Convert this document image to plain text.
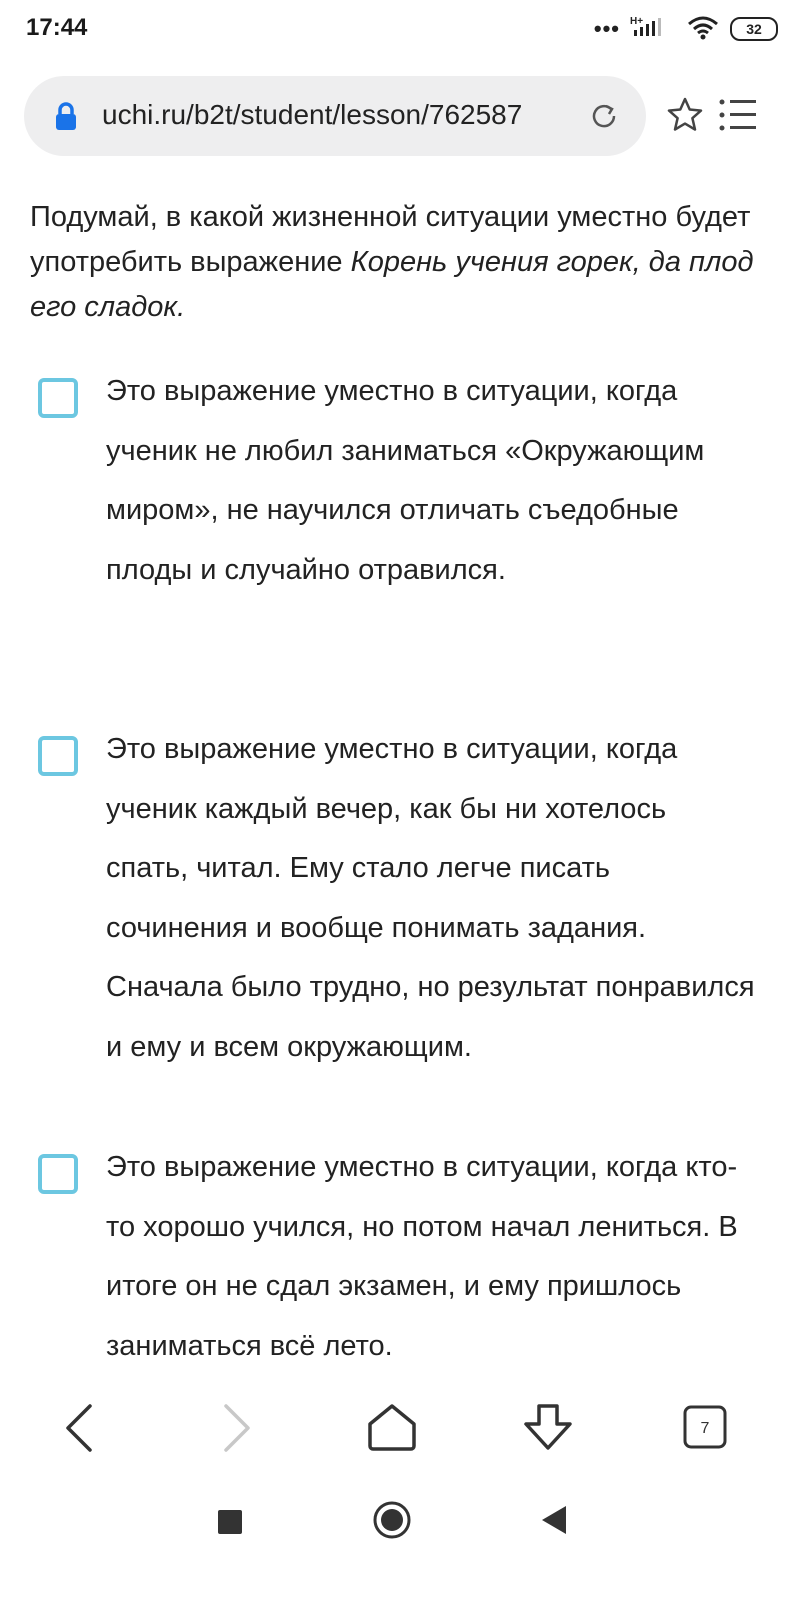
17:44	••• H+	32
uchi.ru/b2t/student/lesson/762587
Подумай, в какой жизненной ситуации уместно будет употребить выражение Корень учения горек, да плод его сладок.
Это выражение уместно в ситуации, когда ученик не любил заниматься «Окружающим миром», не научился отличать съедобные плоды и случайно отравился.
Это выражение уместно в ситуации, когда ученик каждый вечер, как бы ни хотелось спать, читал. Ему стало легче писать сочинения и вообще понимать задания. Сначала было трудно, но результат понравился и ему и всем окружающим.
Это выражение уместно в ситуации, когда кто-то хорошо учился, но потом начал лениться. В итоге он не сдал экзамен, и ему пришлось заниматься всё лето.
7
